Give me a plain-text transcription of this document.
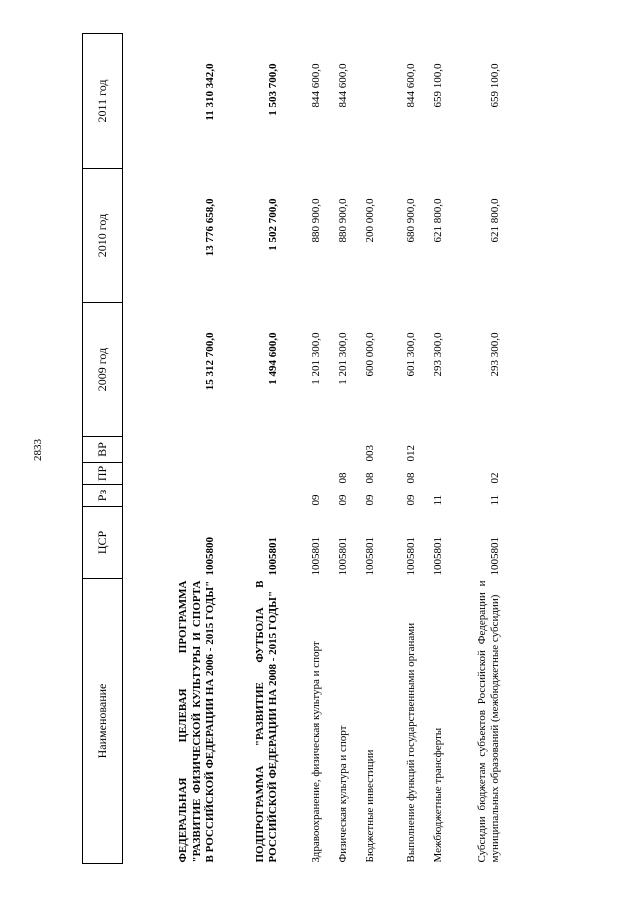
2833
Наименование	ЦСР	Рз	ПР	ВР	2009 год	2010 год	2011 год
ФЕДЕРАЛЬНАЯ ЦЕЛЕВАЯ ПРОГРАММА "РАЗВИТИЕ ФИЗИЧЕСКОЙ КУЛЬТУРЫ И СПОРТА В РОССИЙСКОЙ ФЕДЕРАЦИИ НА 2006 - 2015 ГОДЫ"	1005800				15 312 700,0	13 776 658,0	11 310 342,0
ПОДПРОГРАММА "РАЗВИТИЕ ФУТБОЛА В РОССИЙСКОЙ ФЕДЕРАЦИИ НА 2008 - 2015 ГОДЫ"	1005801				1 494 600,0	1 502 700,0	1 503 700,0
Здравоохранение, физическая культура и спорт	1005801	09			1 201 300,0	880 900,0	844 600,0
Физическая культура и спорт	1005801	09	08		1 201 300,0	880 900,0	844 600,0
Бюджетные инвестиции	1005801	09	08	003	600 000,0	200 000,0	
Выполнение функций государственными органами	1005801	09	08	012	601 300,0	680 900,0	844 600,0
Межбюджетные трансферты	1005801	11			293 300,0	621 800,0	659 100,0
Субсидии бюджетам субъектов Российской Федерации и муниципальных образований (межбюджетные субсидии)	1005801	11	02		293 300,0	621 800,0	659 100,0
